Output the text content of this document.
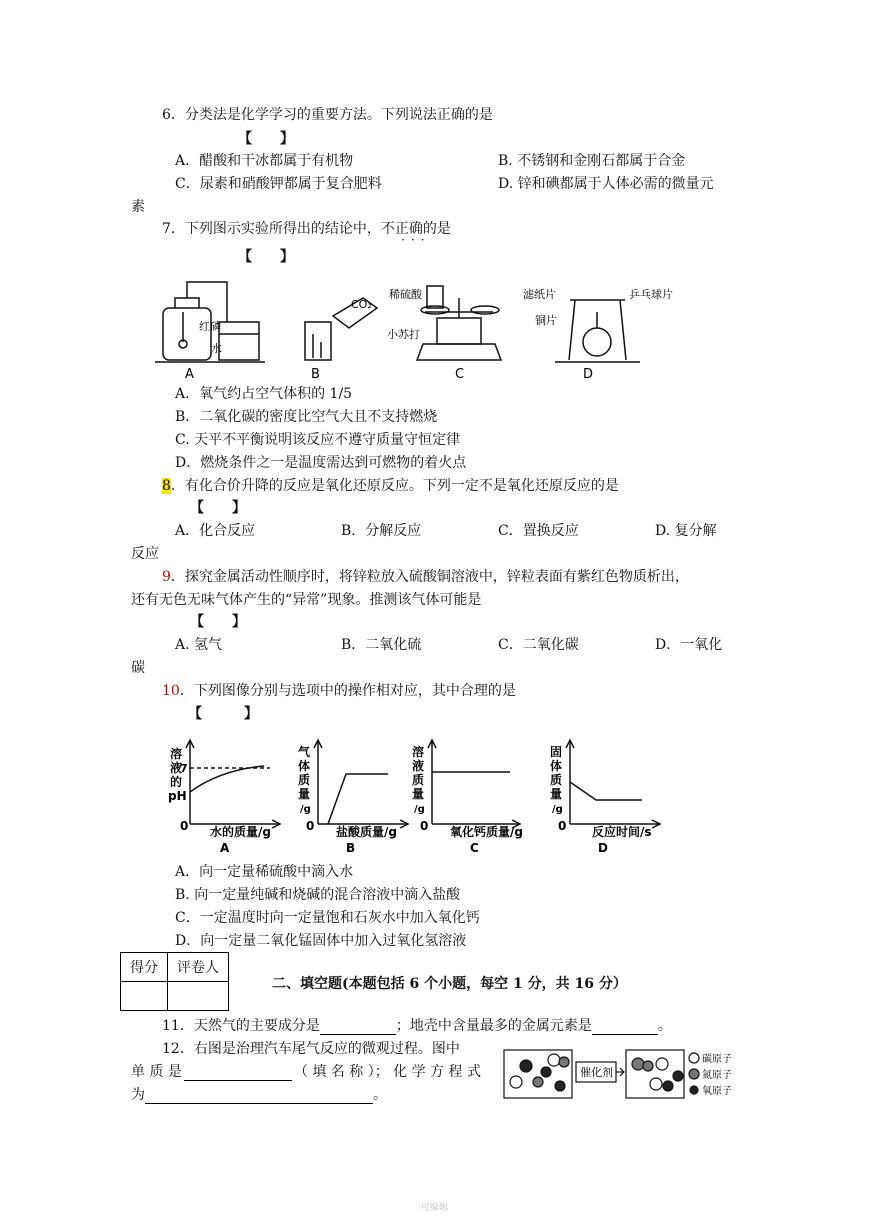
6．分类法是化学学习的重要方法。下列说法正确的是
【　　】
A．醋酸和干冰都属于有机物	B. 不锈钢和金刚石都属于合金
C．尿素和硝酸钾都属于复合肥料	D. 锌和碘都属于人体必需的微量元
素
7．下列图示实验所得出的结论中，不正确的是
···
【　　】
红磷
水
CO₂
稀硫酸
小苏打
滤纸片	乒乓球片
铜片
A	B	C	D
A．氧气约占空气体积的 1/5
B．二氧化碳的密度比空气大且不支持燃烧
C. 天平不平衡说明该反应不遵守质量守恒定律
D．燃烧条件之一是温度需达到可燃物的着火点
8．有化合价升降的反应是氧化还原反应。下列一定不是氧化还原反应的是
【　　】
A．化合反应	B．分解反应	C．置换反应	D. 复分解
反应
9．探究金属活动性顺序时，将锌粒放入硫酸铜溶液中，锌粒表面有紫红色物质析出，
还有无色无味气体产生的“异常”现象。推测该气体可能是
【　　】
A. 氢气	B．二氧化硫	C．二氧化碳	D．一氧化
碳
10．下列图像分别与选项中的操作相对应，其中合理的是
【　　　】
溶
液
的
pH
7
0 水的质量/g
A
气
体
质
量
/g
0 盐酸质量/g
B
溶
液
质
量
/g
0 氧化钙质量/g
C
固
体
质
量
/g
0 反应时间/s
D
A．向一定量稀硫酸中滴入水
B. 向一定量纯碱和烧碱的混合溶液中滴入盐酸
C．一定温度时向一定量饱和石灰水中加入氧化钙
D．向一定量二氧化锰固体中加入过氧化氢溶液
得分	评卷人

二、填空题(本题包括 6 个小题，每空 1 分，共 16 分）
11．天然气的主要成分是	；地壳中含量最多的金属元素是	。
12．右图是治理汽车尾气反应的微观过程。图中
单 质 是	（ 填 名 称 ）； 化 学 方 程 式
为	。
催化剂
碳原子
氮原子
氧原子
可编辑
